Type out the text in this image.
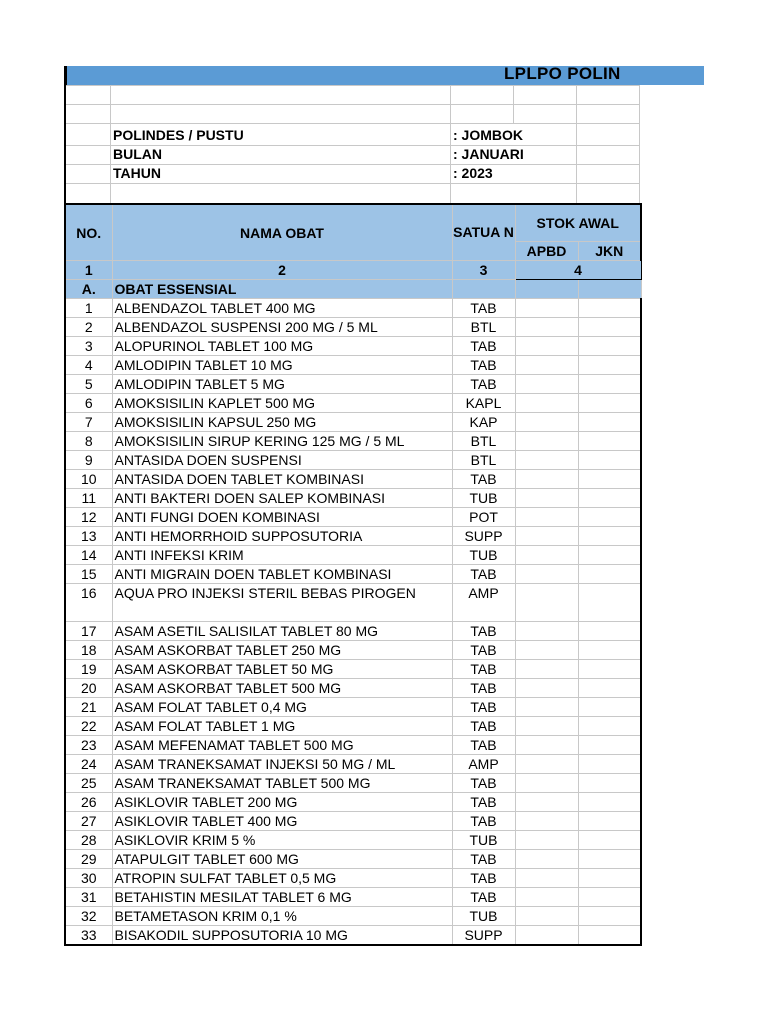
LPLPO POLIN
POLINDES / PUSTU	: JOMBOK
BULAN	: JANUARI
TAHUN	: 2023
NO.	NAMA OBAT	SATUA N	STOK AWAL	
			APBD	JKN
1	2	3	4	
A.	OBAT ESSENSIAL			
1	ALBENDAZOL TABLET 400 MG	TAB		
2	ALBENDAZOL SUSPENSI 200 MG / 5 ML	BTL		
3	ALOPURINOL TABLET 100 MG	TAB		
4	AMLODIPIN TABLET 10 MG	TAB		
5	AMLODIPIN TABLET 5 MG	TAB		
6	AMOKSISILIN KAPLET 500 MG	KAPL		
7	AMOKSISILIN KAPSUL 250 MG	KAP		
8	AMOKSISILIN SIRUP KERING 125 MG / 5 ML	BTL		
9	ANTASIDA DOEN SUSPENSI	BTL		
10	ANTASIDA DOEN TABLET KOMBINASI	TAB		
11	ANTI BAKTERI DOEN SALEP KOMBINASI	TUB		
12	ANTI FUNGI DOEN KOMBINASI	POT		
13	ANTI HEMORRHOID SUPPOSUTORIA	SUPP		
14	ANTI INFEKSI KRIM	TUB		
15	ANTI MIGRAIN DOEN TABLET KOMBINASI	TAB		
16	AQUA PRO INJEKSI STERIL BEBAS PIROGEN	AMP		
17	ASAM ASETIL SALISILAT TABLET 80 MG	TAB		
18	ASAM ASKORBAT TABLET 250 MG	TAB		
19	ASAM ASKORBAT TABLET 50 MG	TAB		
20	ASAM ASKORBAT TABLET 500 MG	TAB		
21	ASAM FOLAT TABLET 0,4 MG	TAB		
22	ASAM FOLAT TABLET 1 MG	TAB		
23	ASAM MEFENAMAT TABLET 500 MG	TAB		
24	ASAM TRANEKSAMAT INJEKSI 50 MG / ML	AMP		
25	ASAM TRANEKSAMAT TABLET 500 MG	TAB		
26	ASIKLOVIR TABLET 200 MG	TAB		
27	ASIKLOVIR TABLET 400 MG	TAB		
28	ASIKLOVIR KRIM 5 %	TUB		
29	ATAPULGIT TABLET 600 MG	TAB		
30	ATROPIN SULFAT TABLET 0,5 MG	TAB		
31	BETAHISTIN MESILAT TABLET 6 MG	TAB		
32	BETAMETASON KRIM 0,1 %	TUB		
33	BISAKODIL SUPPOSUTORIA 10 MG	SUPP		
